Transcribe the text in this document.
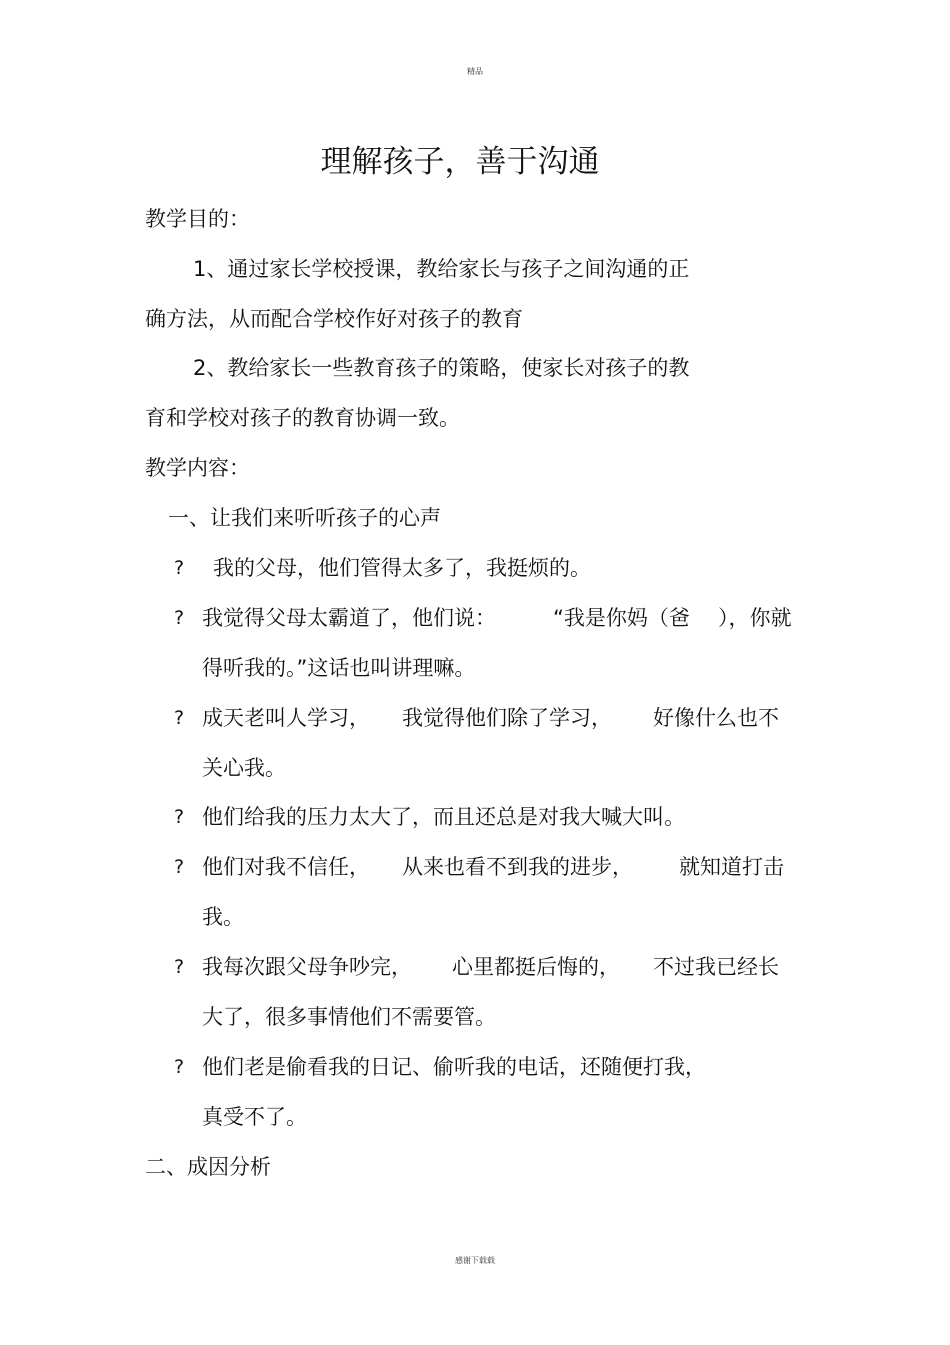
精品
理解孩子，善于沟通
教学目的：
1、通过家长学校授课，教给家长与孩子之间沟通的正
确方法，从而配合学校作好对孩子的教育
2、教给家长一些教育孩子的策略，使家长对孩子的教
育和学校对孩子的教育协调一致。
教学内容：
一、让我们来听听孩子的心声
? 我的父母，他们管得太多了，我挺烦的。
? 我觉得父母太霸道了，他们说：	“我是你妈（爸 ），你就
得听我的。”这话也叫讲理嘛。
? 成天老叫人学习， 我觉得他们除了学习， 好像什么也不
关心我。
? 他们给我的压力太大了，而且还总是对我大喊大叫。
? 他们对我不信任， 从来也看不到我的进步， 就知道打击
我。
? 我每次跟父母争吵完， 心里都挺后悔的， 不过我已经长
大了，很多事情他们不需要管。
? 他们老是偷看我的日记、偷听我的电话，还随便打我，
真受不了。
二、成因分析
感谢下载载
